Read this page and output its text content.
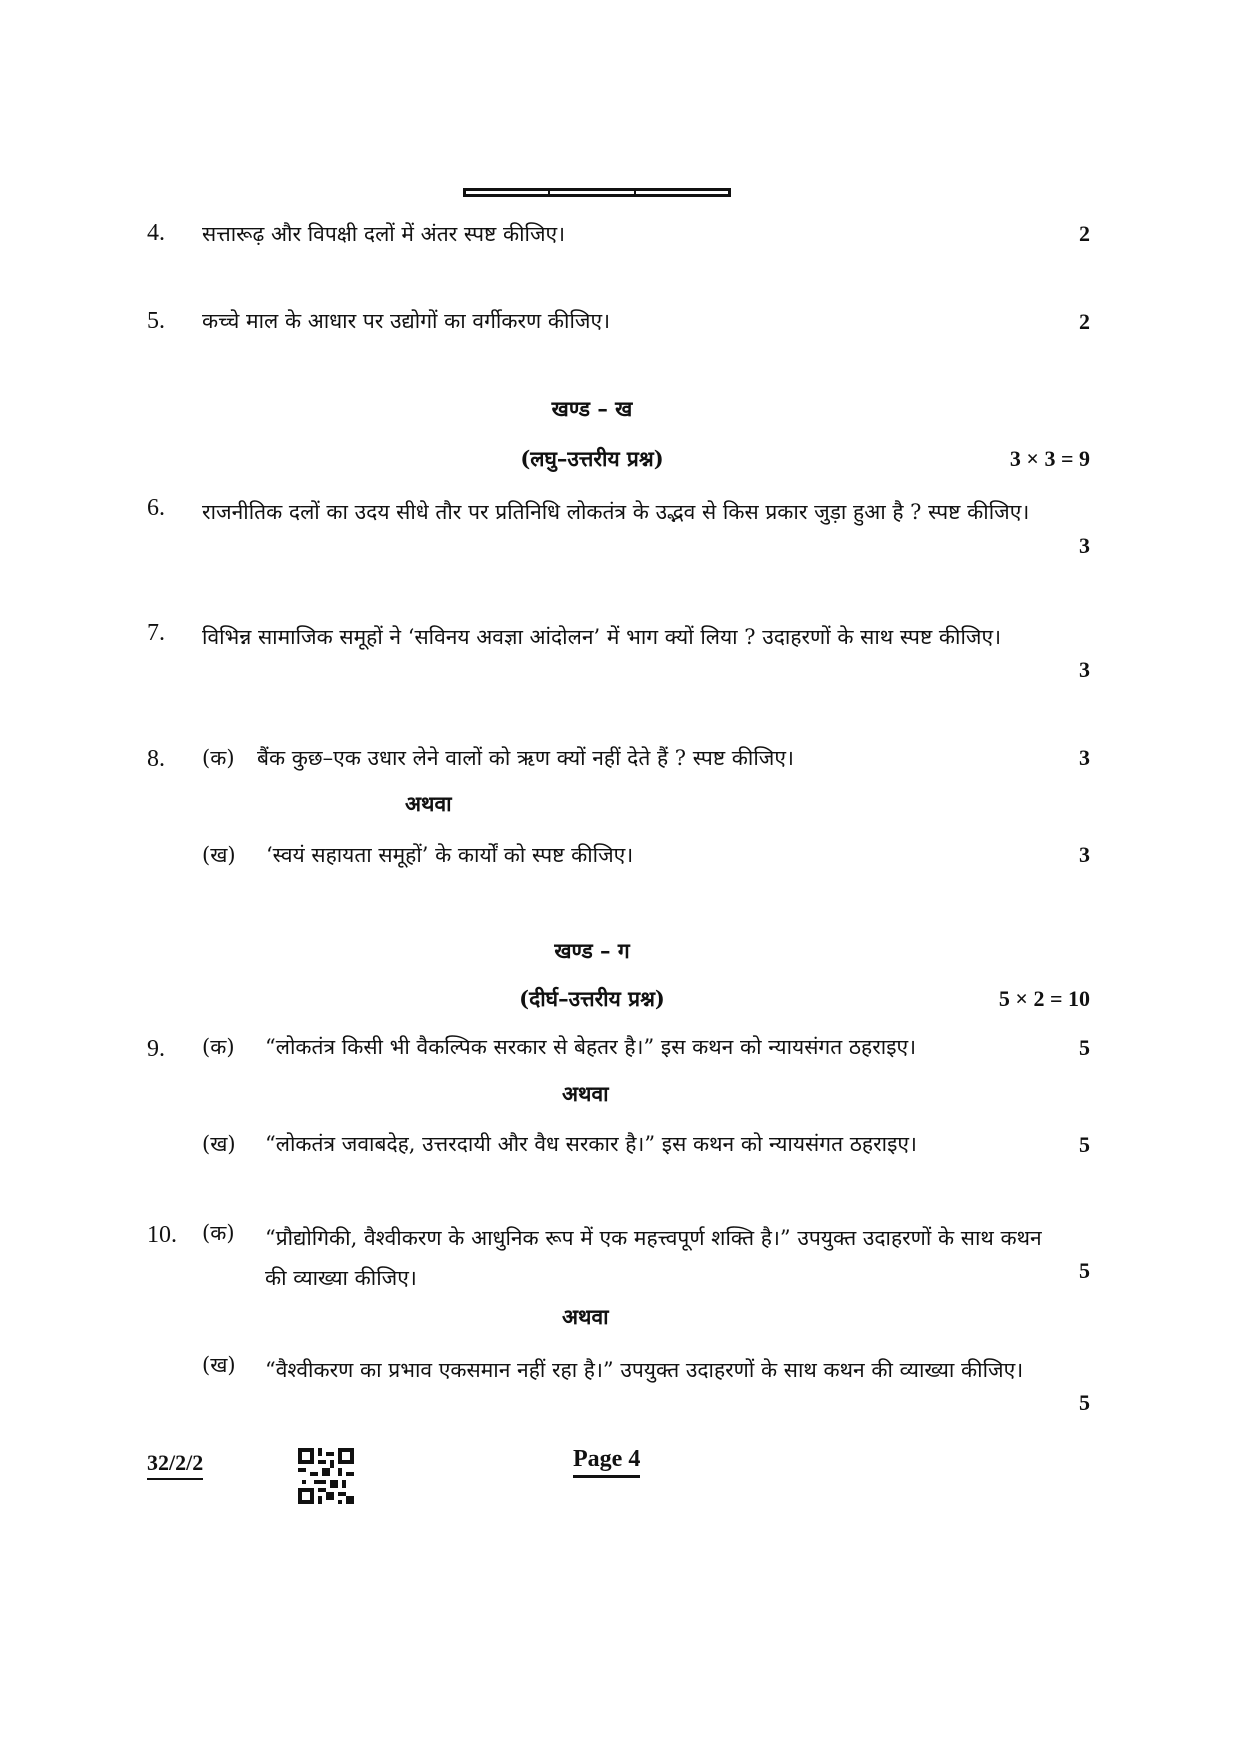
4. सत्तारूढ़ और विपक्षी दलों में अंतर स्पष्ट कीजिए।	2
5. कच्चे माल के आधार पर उद्योगों का वर्गीकरण कीजिए।	2
खण्ड – ख
(लघु–उत्तरीय प्रश्न)	3 × 3 = 9
6. राजनीतिक दलों का उदय सीधे तौर पर प्रतिनिधि लोकतंत्र के उद्भव से किस प्रकार जुड़ा हुआ है ? स्पष्ट कीजिए।
3
7. विभिन्न सामाजिक समूहों ने ‘सविनय अवज्ञा आंदोलन’ में भाग क्यों लिया ? उदाहरणों के साथ स्पष्ट कीजिए।
3
8. (क) बैंक कुछ–एक उधार लेने वालों को ऋण क्यों नहीं देते हैं ? स्पष्ट कीजिए।	3
अथवा
(ख) ‘स्वयं सहायता समूहों’ के कार्यों को स्पष्ट कीजिए।	3
खण्ड – ग
(दीर्घ–उत्तरीय प्रश्न)	5 × 2 = 10
9. (क) “लोकतंत्र किसी भी वैकल्पिक सरकार से बेहतर है।” इस कथन को न्यायसंगत ठहराइए।	5
अथवा
(ख) “लोकतंत्र जवाबदेह, उत्तरदायी और वैध सरकार है।” इस कथन को न्यायसंगत ठहराइए।	5
10. (क) “प्रौद्योगिकी, वैश्वीकरण के आधुनिक रूप में एक महत्त्वपूर्ण शक्ति है।” उपयुक्त उदाहरणों के साथ कथन की व्याख्या कीजिए।	5
अथवा
(ख) “वैश्वीकरण का प्रभाव एकसमान नहीं रहा है।” उपयुक्त उदाहरणों के साथ कथन की व्याख्या कीजिए।
5
32/2/2	Page 4
